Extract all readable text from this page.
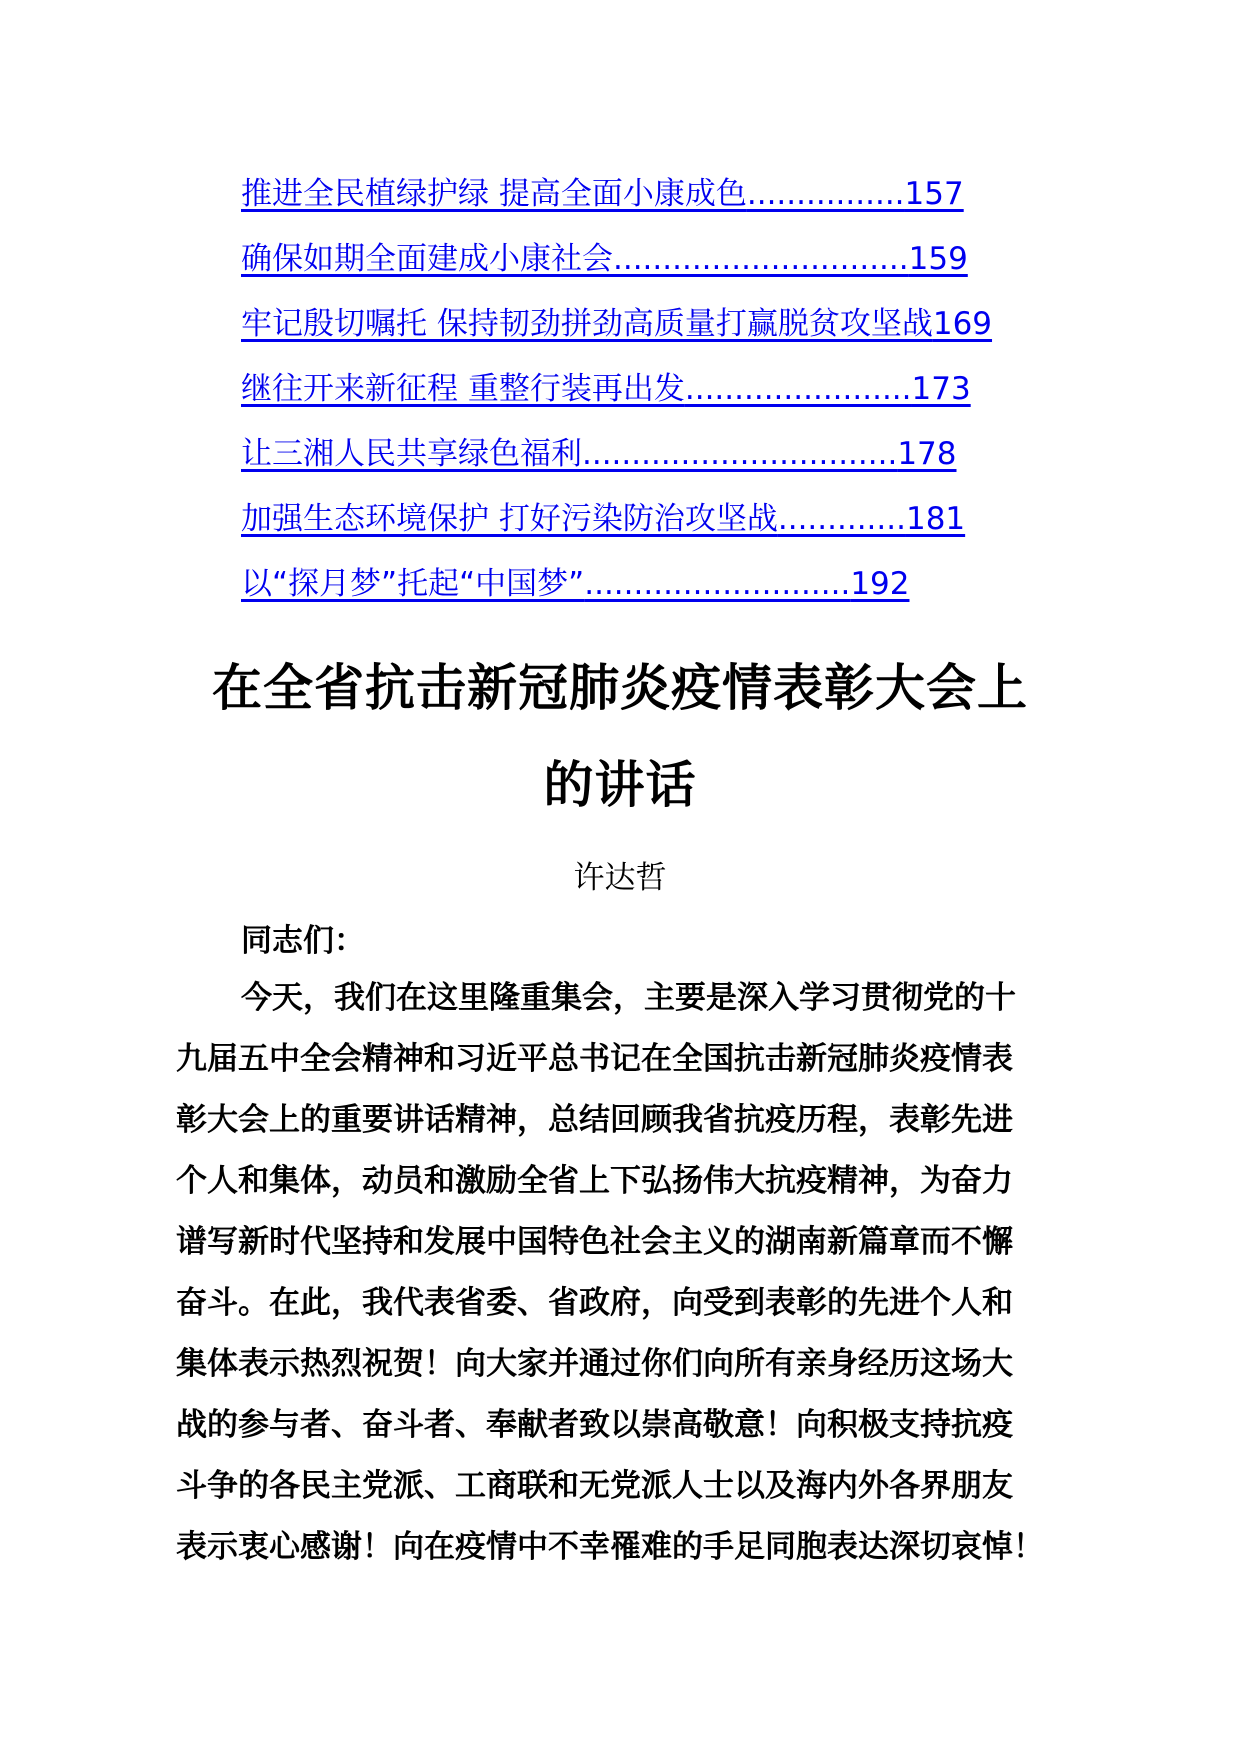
推进全民植绿护绿 提高全面小康成色................157
确保如期全面建成小康社会..............................159
牢记殷切嘱托 保持韧劲拼劲高质量打赢脱贫攻坚战169
继往开来新征程 重整行装再出发.......................173
让三湘人民共享绿色福利................................178
加强生态环境保护 打好污染防治攻坚战.............181
以“探月梦”托起“中国梦”...........................192
在全省抗击新冠肺炎疫情表彰大会上
的讲话
许达哲
同志们：
今天，我们在这里隆重集会，主要是深入学习贯彻党的十
九届五中全会精神和习近平总书记在全国抗击新冠肺炎疫情表
彰大会上的重要讲话精神，总结回顾我省抗疫历程，表彰先进
个人和集体，动员和激励全省上下弘扬伟大抗疫精神，为奋力
谱写新时代坚持和发展中国特色社会主义的湖南新篇章而不懈
奋斗。在此，我代表省委、省政府，向受到表彰的先进个人和
集体表示热烈祝贺！向大家并通过你们向所有亲身经历这场大
战的参与者、奋斗者、奉献者致以崇高敬意！向积极支持抗疫
斗争的各民主党派、工商联和无党派人士以及海内外各界朋友
表示衷心感谢！向在疫情中不幸罹难的手足同胞表达深切哀悼！
